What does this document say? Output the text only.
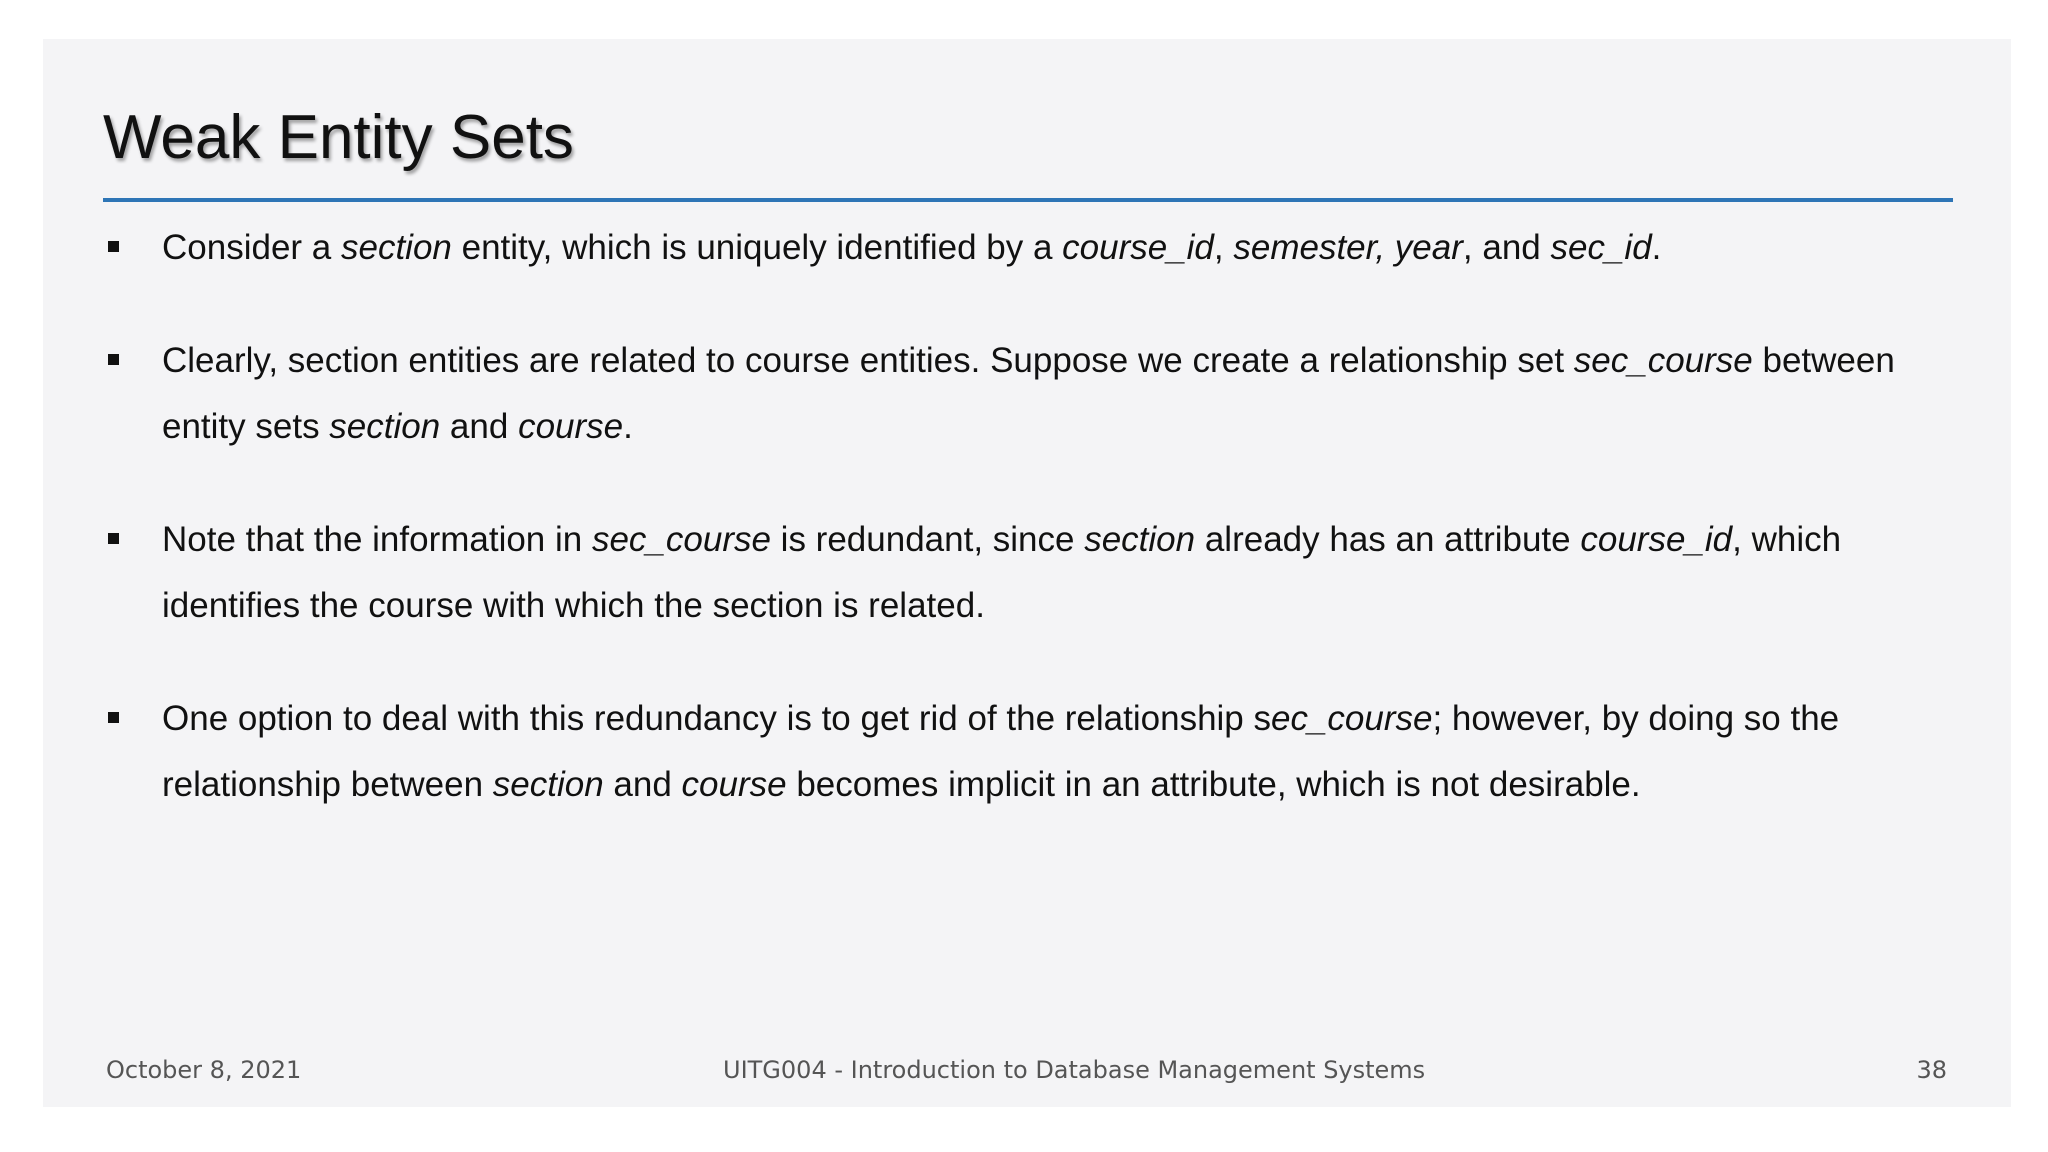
Weak Entity Sets
Consider a section entity, which is uniquely identified by a course_id, semester, year, and sec_id.
Clearly, section entities are related to course entities. Suppose we create a relationship set sec_course between entity sets section and course.
Note that the information in sec_course is redundant, since section already has an attribute course_id, which identifies the course with which the section is related.
One option to deal with this redundancy is to get rid of the relationship sec_course; however, by doing so the relationship between section and course becomes implicit in an attribute, which is not desirable.
October 8, 2021	UITG004 - Introduction to Database Management Systems	38
